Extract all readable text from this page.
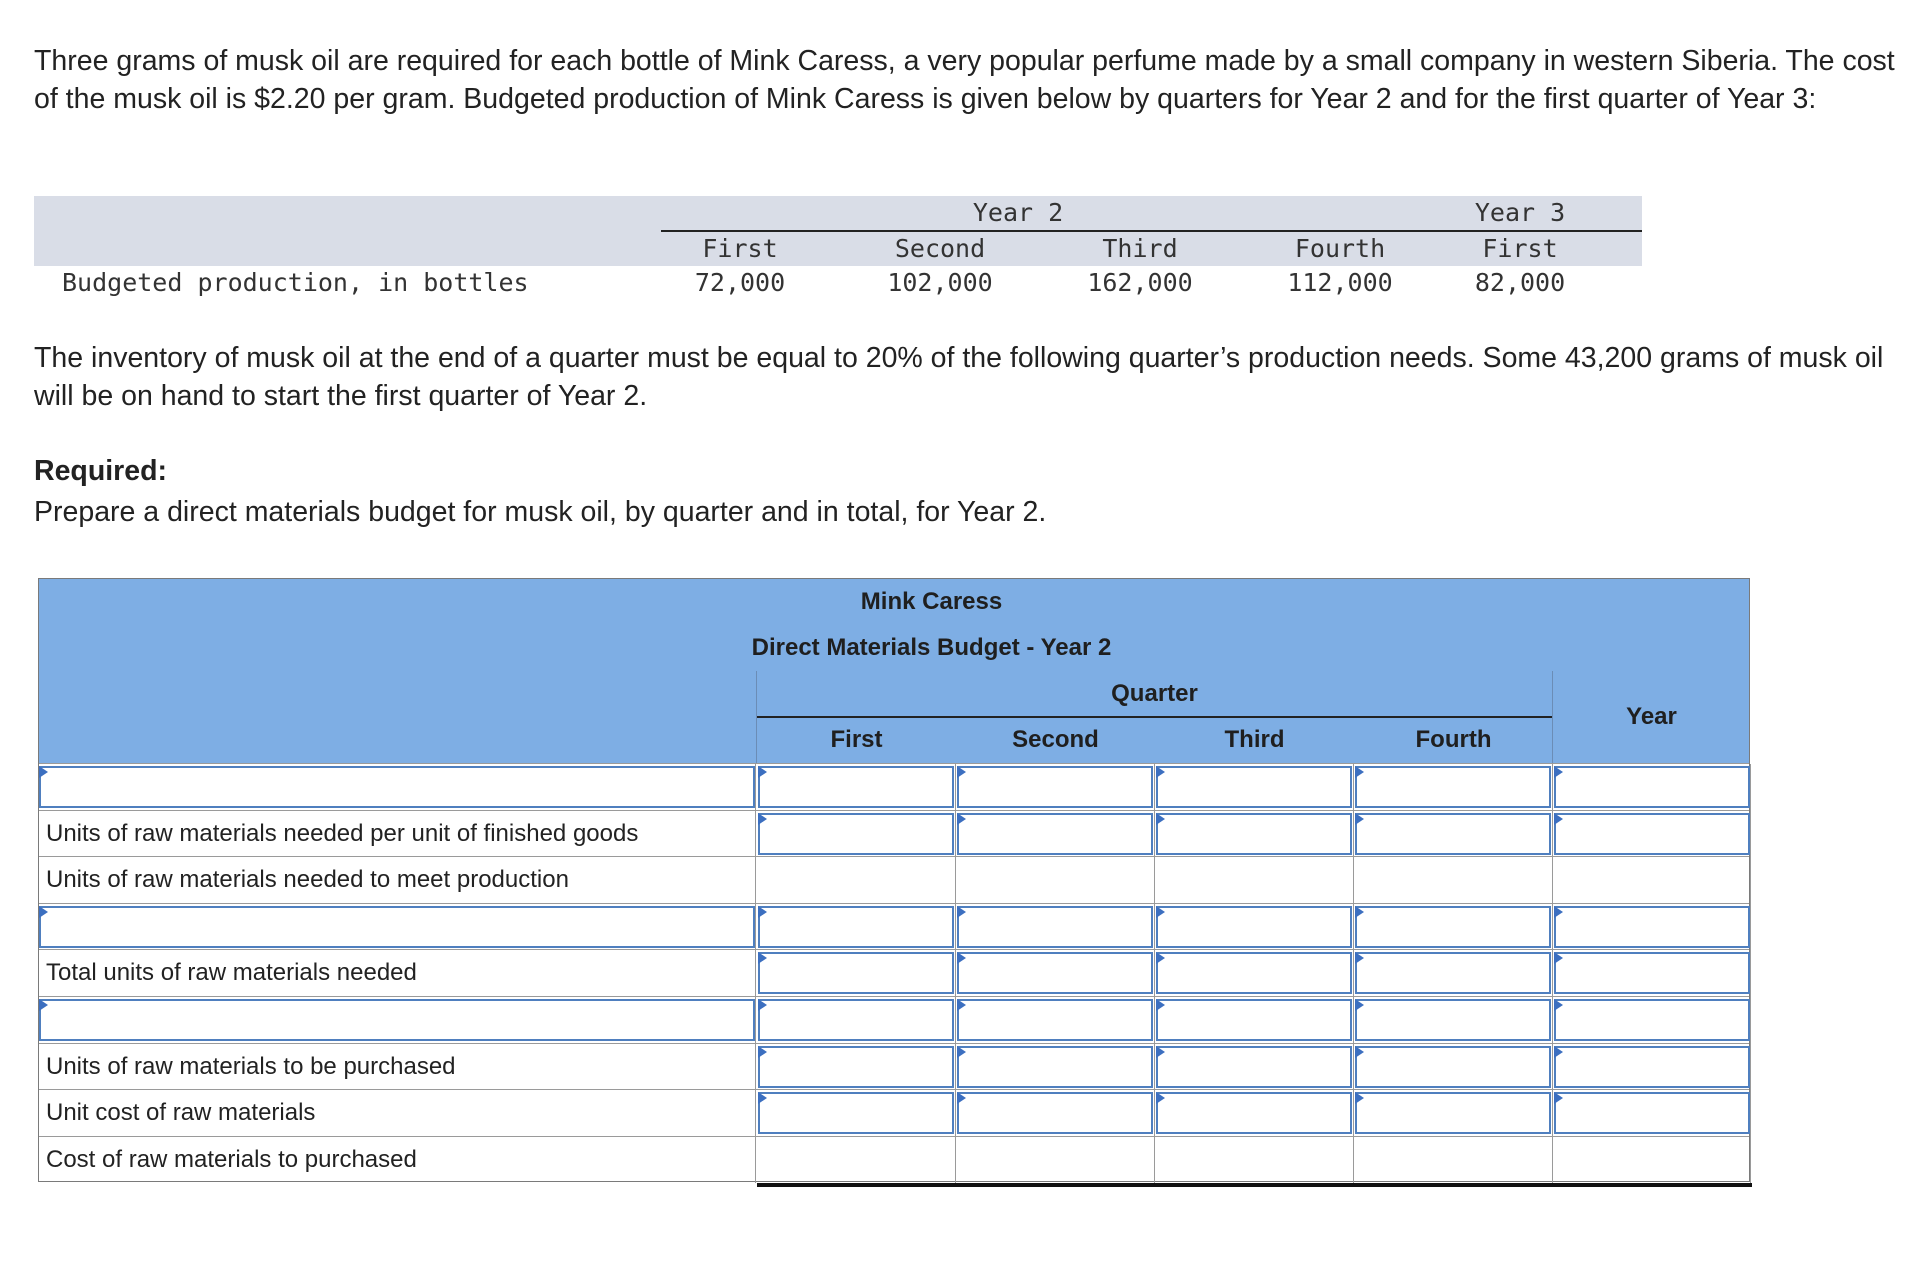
Three grams of musk oil are required for each bottle of Mink Caress, a very popular perfume made by a small company in western Siberia. The cost of the musk oil is $2.20 per gram. Budgeted production of Mink Caress is given below by quarters for Year 2 and for the first quarter of Year 3:

Year 2	Year 3
First	Second	Third	Fourth	First
Budgeted production, in bottles	72,000	102,000	162,000	112,000	82,000

The inventory of musk oil at the end of a quarter must be equal to 20% of the following quarter’s production needs. Some 43,200 grams of musk oil will be on hand to start the first quarter of Year 2.

Required:

Prepare a direct materials budget for musk oil, by quarter and in total, for Year 2.

Mink Caress
Direct Materials Budget - Year 2
Quarter
First	Second	Third	Fourth
Year
Units of raw materials needed per unit of finished goods
Units of raw materials needed to meet production
Total units of raw materials needed
Units of raw materials to be purchased
Unit cost of raw materials
Cost of raw materials to purchased
